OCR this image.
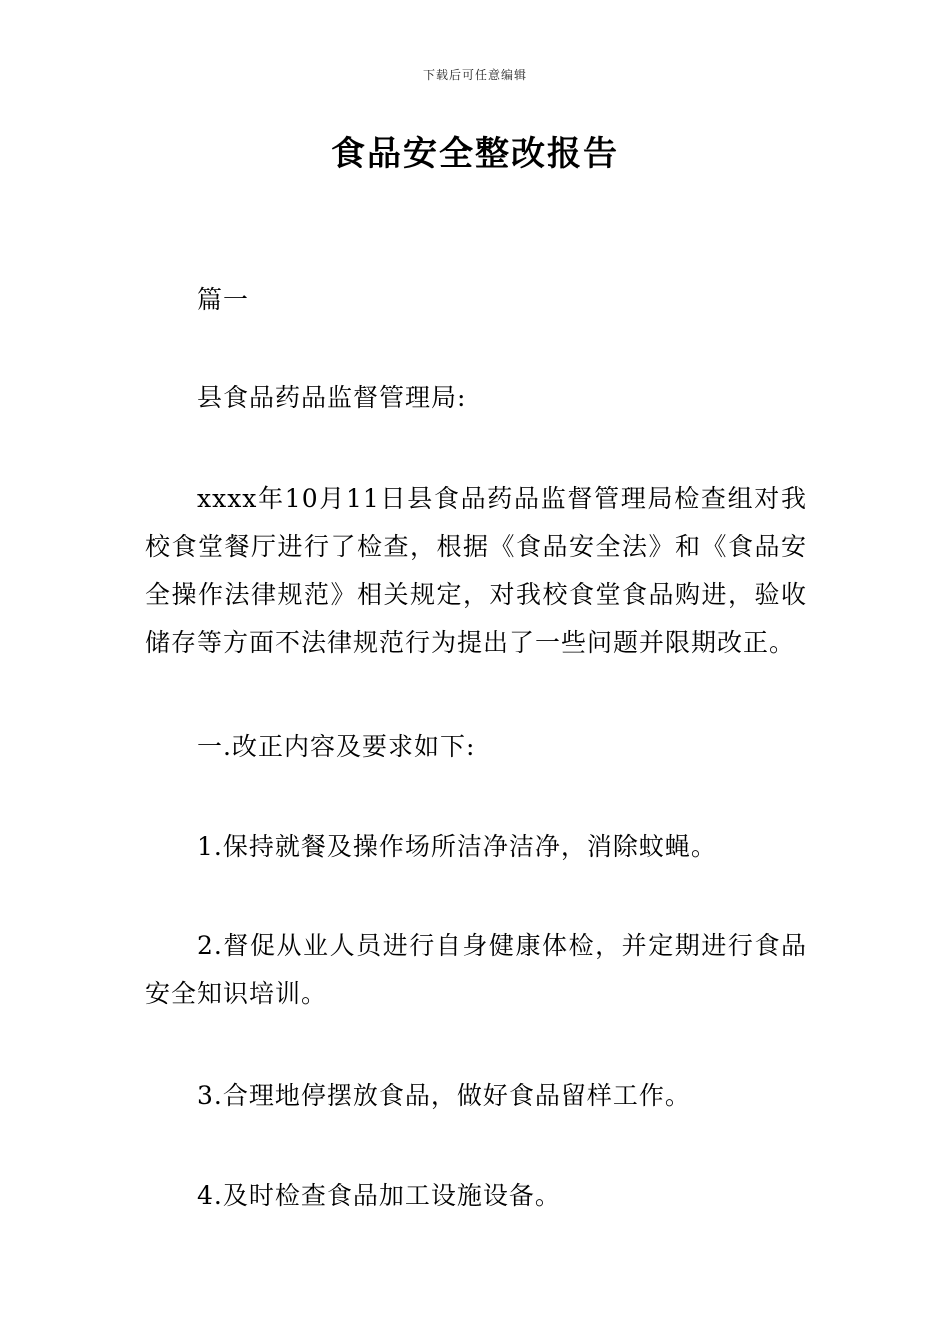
下载后可任意编辑
食品安全整改报告

篇一

县食品药品监督管理局:

xxxx年10月11日县食品药品监督管理局检查组对我校食堂餐厅进行了检查，根据《食品安全法》和《食品安全操作法律规范》相关规定，对我校食堂食品购进，验收储存等方面不法律规范行为提出了一些问题并限期改正。

一.改正内容及要求如下:

1.保持就餐及操作场所洁净洁净，消除蚊蝇。

2.督促从业人员进行自身健康体检，并定期进行食品安全知识培训。

3.合理地停摆放食品，做好食品留样工作。

4.及时检查食品加工设施设备。
